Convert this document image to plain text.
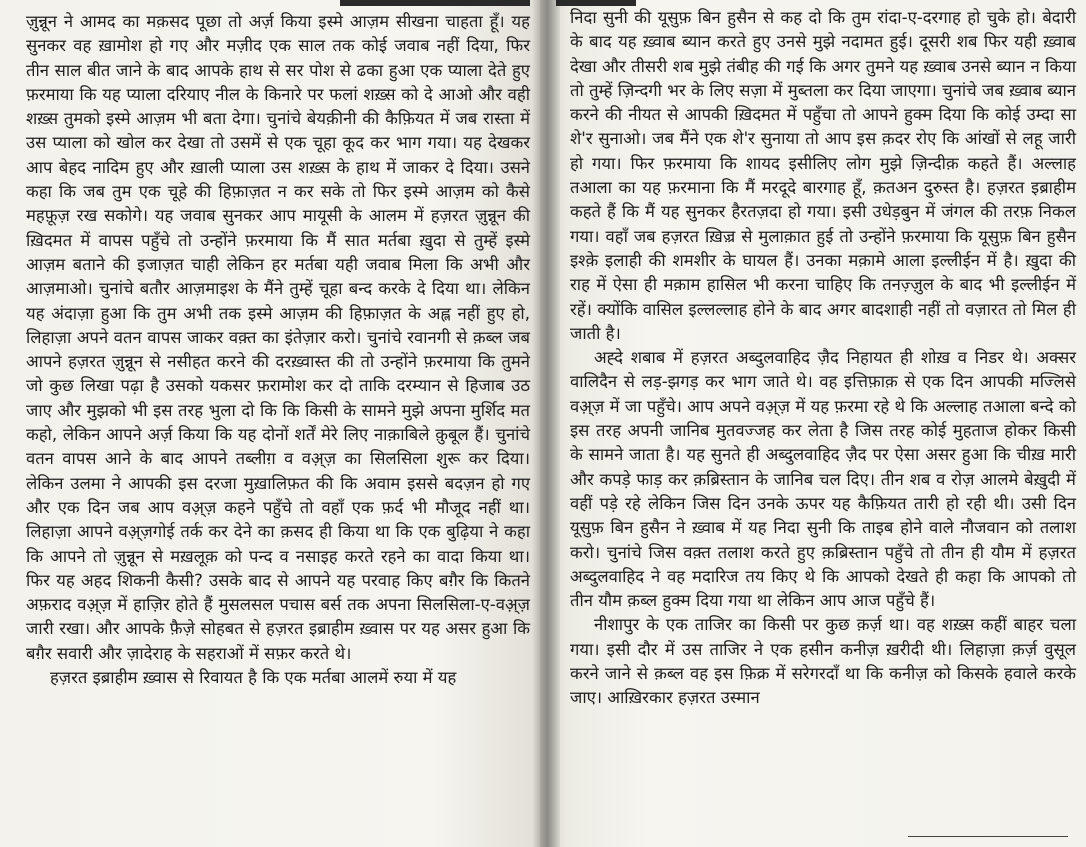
ज़ुन्नून ने आमद का मक़सद पूछा तो अर्ज़ किया इस्मे आज़म सीखना चाहता हूँ। यह सुनकर वह ख़ामोश हो गए और मज़ीद एक साल तक कोई जवाब नहीं दिया, फिर तीन साल बीत जाने के बाद आपके हाथ से सर पोश से ढका हुआ एक प्याला देते हुए फ़रमाया कि यह प्याला दरियाए नील के किनारे पर फलां शख़्स को दे आओ और वही शख़्स तुमको इस्मे आज़म भी बता देगा। चुनांचे बेयक़ीनी की कैफ़ियत में जब रास्ता में उस प्याला को खोल कर देखा तो उसमें से एक चूहा कूद कर भाग गया। यह देखकर आप बेहद नादिम हुए और ख़ाली प्याला उस शख़्स के हाथ में जाकर दे दिया। उसने कहा कि जब तुम एक चूहे की हिफ़ाज़त न कर सके तो फिर इस्मे आज़म को कैसे महफ़ूज़ रख सकोगे। यह जवाब सुनकर आप मायूसी के आलम में हज़रत ज़ुन्नून की ख़िदमत में वापस पहुँचे तो उन्होंने फ़रमाया कि मैं सात मर्तबा ख़ुदा से तुम्हें इस्मे आज़म बताने की इजाज़त चाही लेकिन हर मर्तबा यही जवाब मिला कि अभी और आज़माओ। चुनांचे बतौर आज़माइश के मैंने तुम्हें चूहा बन्द करके दे दिया था। लेकिन यह अंदाज़ा हुआ कि तुम अभी तक इस्मे आज़म की हिफ़ाज़त के अह्ल नहीं हुए हो, लिहाज़ा अपने वतन वापस जाकर वक़्त का इंतेज़ार करो। चुनांचे रवानगी से क़ब्ल जब आपने हज़रत ज़ुन्नून से नसीहत करने की दरख़्वास्त की तो उन्होंने फ़रमाया कि तुमने जो कुछ लिखा पढ़ा है उसको यकसर फ़रामोश कर दो ताकि दरम्यान से हिजाब उठ जाए और मुझको भी इस तरह भुला दो कि कि किसी के सामने मुझे अपना मुर्शिद मत कहो, लेकिन आपने अर्ज़ किया कि यह दोनों शर्तें मेरे लिए नाक़ाबिले क़ुबूल हैं। चुनांचे वतन वापस आने के बाद आपने तब्लीग़ व वअ़्ज़ का सिलसिला शुरू कर दिया। लेकिन उलमा ने आपकी इस दरजा मुख़ालिफ़त की कि अवाम इससे बदज़न हो गए और एक दिन जब आप वअ़्ज़ कहने पहुँचे तो वहाँ एक फ़र्द भी मौजूद नहीं था। लिहाज़ा आपने वअ़्ज़गोई तर्क कर देने का क़सद ही किया था कि एक बुढ़िया ने कहा कि आपने तो ज़ुन्नून से मख़लूक़ को पन्द व नसाइह करते रहने का वादा किया था। फिर यह अहद शिकनी कैसी? उसके बाद से आपने यह परवाह किए बग़ैर कि कितने अफ़राद वअ़्ज़ में हाज़िर होते हैं मुसलसल पचास बर्स तक अपना सिलसिला-ए-वअ़्ज़ जारी रखा। और आपके फ़ैज़े सोहबत से हज़रत इब्राहीम ख़्वास पर यह असर हुआ कि बग़ैर सवारी और ज़ादेराह के सहराओं में सफ़र करते थे।

हज़रत इब्राहीम ख़्वास से रिवायत है कि एक मर्तबा आलमें रुया में यह

निदा सुनी की यूसुफ़ बिन हुसैन से कह दो कि तुम रांदा-ए-दरगाह हो चुके हो। बेदारी के बाद यह ख़्वाब ब्यान करते हुए उनसे मुझे नदामत हुई। दूसरी शब फिर यही ख़्वाब देखा और तीसरी शब मुझे तंबीह की गई कि अगर तुमने यह ख़्वाब उनसे ब्यान न किया तो तुम्हें ज़िन्दगी भर के लिए सज़ा में मुब्तला कर दिया जाएगा। चुनांचे जब ख़्वाब ब्यान करने की नीयत से आपकी ख़िदमत में पहुँचा तो आपने हुक्म दिया कि कोई उम्दा सा शे'र सुनाओ। जब मैंने एक शे'र सुनाया तो आप इस क़दर रोए कि आंखों से लहू जारी हो गया। फिर फ़रमाया कि शायद इसीलिए लोग मुझे ज़िन्दीक़ कहते हैं। अल्लाह तआला का यह फ़रमाना कि मैं मरदूदे बारगाह हूँ, क़तअन दुरुस्त है। हज़रत इब्राहीम कहते हैं कि मैं यह सुनकर हैरतज़दा हो गया। इसी उधेड़बुन में जंगल की तरफ़ निकल गया। वहाँ जब हज़रत ख़िज़्र से मुलाक़ात हुई तो उन्होंने फ़रमाया कि यूसुफ़ बिन हुसैन इश्क़े इलाही की शमशीर के घायल हैं। उनका मक़ामे आला इल्लीईन में है। ख़ुदा की राह में ऐसा ही मक़ाम हासिल भी करना चाहिए कि तनज़्ज़ुल के बाद भी इल्लीईन में रहें। क्योंकि वासिल इल्लल्लाह होने के बाद अगर बादशाही नहीं तो वज़ारत तो मिल ही जाती है।

अह्दे शबाब में हज़रत अब्दुलवाहिद ज़ैद निहायत ही शोख़ व निडर थे। अक्सर वालिदैन से लड़-झगड़ कर भाग जाते थे। वह इत्तिफ़ाक़ से एक दिन आपकी मज्लिसे वअ़्ज़ में जा पहुँचे। आप अपने वअ़्ज़ में यह फ़रमा रहे थे कि अल्लाह तआला बन्दे को इस तरह अपनी जानिब मुतवज्जह कर लेता है जिस तरह कोई मुहताज होकर किसी के सामने जाता है। यह सुनते ही अब्दुलवाहिद ज़ैद पर ऐसा असर हुआ कि चीख़ मारी और कपड़े फाड़ कर क़ब्रिस्तान के जानिब चल दिए। तीन शब व रोज़ आलमे बेख़ुदी में वहीं पड़े रहे लेकिन जिस दिन उनके ऊपर यह कैफ़ियत तारी हो रही थी। उसी दिन यूसुफ़ बिन हुसैन ने ख़्वाब में यह निदा सुनी कि ताइब होने वाले नौजवान को तलाश करो। चुनांचे जिस वक़्त तलाश करते हुए क़ब्रिस्तान पहुँचे तो तीन ही यौम में हज़रत अब्दुलवाहिद ने वह मदारिज तय किए थे कि आपको देखते ही कहा कि आपको तो तीन यौम क़ब्ल हुक्म दिया गया था लेकिन आप आज पहुँचे हैं।

नीशापुर के एक ताजिर का किसी पर कुछ क़र्ज़ था। वह शख़्स कहीं बाहर चला गया। इसी दौर में उस ताजिर ने एक हसीन कनीज़ ख़रीदी थी। लिहाज़ा क़र्ज़ वुसूल करने जाने से क़ब्ल वह इस फ़िक्र में सरेगरदाँ था कि कनीज़ को किसके हवाले करके जाए। आख़िरकार हज़रत उस्मान
